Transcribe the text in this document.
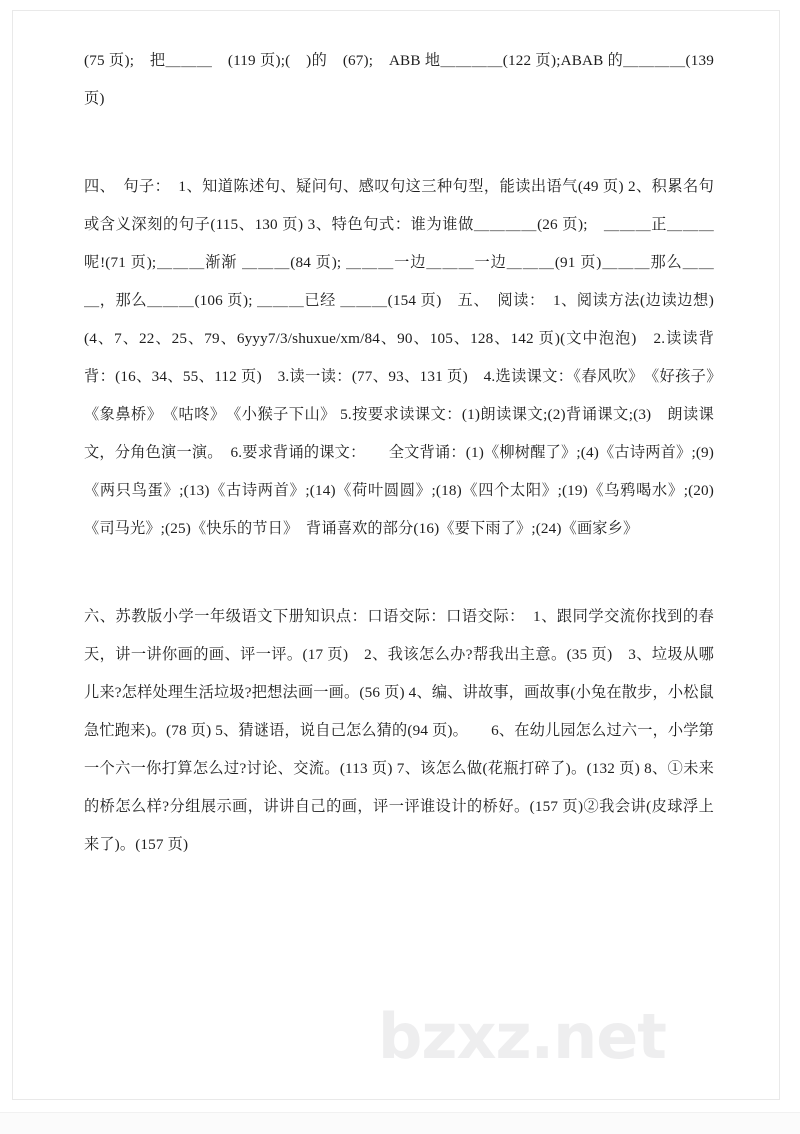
(75 页);　把＿＿＿　(119 页);(　)的　(67);　ABB 地＿＿＿＿(122 页);ABAB 的＿＿＿＿(139 页)

四、　句子：　1、知道陈述句、疑问句、感叹句这三种句型，能读出语气(49 页) 2、积累名句或含义深刻的句子(115、130 页) 3、特色句式：谁为谁做＿＿＿＿(26 页);　＿＿＿正＿＿＿　呢!(71 页);＿＿＿渐渐 ＿＿＿(84 页); ＿＿＿一边＿＿＿一边＿＿＿(91 页)＿＿＿那么＿＿＿，那么＿＿＿(106 页); ＿＿＿已经 ＿＿＿(154 页)　五、　阅读：　1、阅读方法(边读边想)(4、7、22、25、79、6yyy7/3/shuxue/xm/84、90、105、128、142 页)(文中泡泡)　2.读读背背：(16、34、55、112 页)　3.读一读：(77、93、131 页)　4.选读课文：《春风吹》　《好孩子》　《象鼻桥》　《咕咚》　《小猴子下山》 5.按要求读课文：(1)朗读课文;(2)背诵课文;(3)　朗读课文，分角色演一演。　6.要求背诵的课文：　　全文背诵：(1)《柳树醒了》;(4)《古诗两首》;(9)《两只鸟蛋》;(13)《古诗两首》;(14)《荷叶圆圆》;(18)《四个太阳》;(19)《乌鸦喝水》;(20)《司马光》;(25)《快乐的节日》　背诵喜欢的部分(16)《要下雨了》;(24)《画家乡》

六、苏教版小学一年级语文下册知识点：口语交际：口语交际：　1、跟同学交流你找到的春天，讲一讲你画的画、评一评。(17 页)　2、我该怎么办?帮我出主意。(35 页)　3、垃圾从哪儿来?怎样处理生活垃圾?把想法画一画。(56 页) 4、编、讲故事，画故事(小兔在散步，小松鼠急忙跑来)。(78 页) 5、猜谜语，说自己怎么猜的(94 页)。　　6、在幼儿园怎么过六一，小学第一个六一你打算怎么过?讨论、交流。(113 页) 7、该怎么做(花瓶打碎了)。(132 页) 8、①未来的桥怎么样?分组展示画，讲讲自己的画，评一评谁设计的桥好。(157 页)②我会讲(皮球浮上来了)。(157 页)

bzxz.net
